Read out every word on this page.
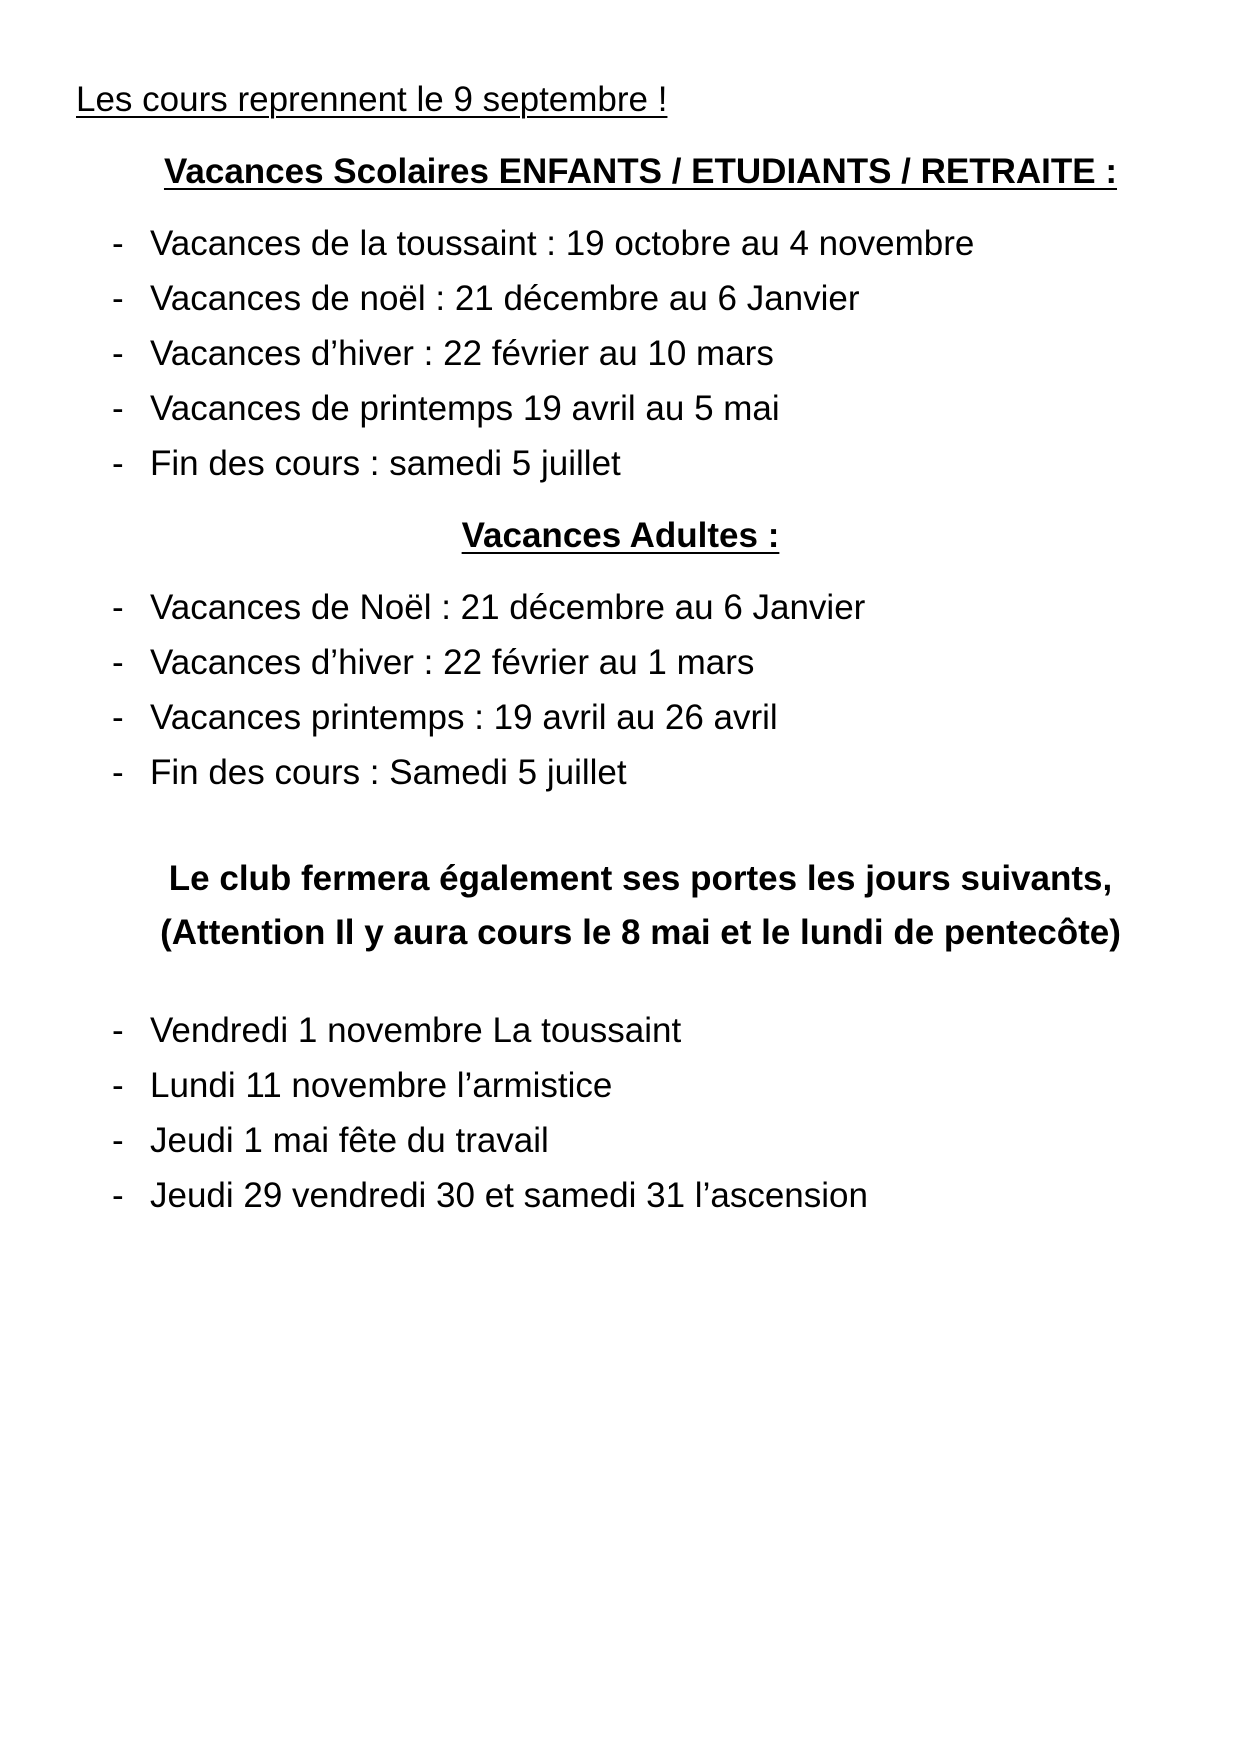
Les cours reprennent le 9 septembre !
Vacances Scolaires ENFANTS / ETUDIANTS / RETRAITE :
- Vacances de la toussaint : 19 octobre au 4 novembre
- Vacances de noël : 21 décembre au 6 Janvier
- Vacances d’hiver : 22 février au 10 mars
- Vacances de printemps 19 avril au 5 mai
- Fin des cours : samedi 5 juillet
Vacances Adultes :
- Vacances de Noël : 21 décembre au 6 Janvier
- Vacances d’hiver : 22 février au 1 mars
- Vacances printemps : 19 avril au 26 avril
- Fin des cours : Samedi 5 juillet
Le club fermera également ses portes les jours suivants,
(Attention Il y aura cours le 8 mai et le lundi de pentecôte)
- Vendredi 1 novembre La toussaint
- Lundi 11 novembre l’armistice
- Jeudi 1 mai fête du travail
- Jeudi 29 vendredi 30 et samedi 31 l’ascension
